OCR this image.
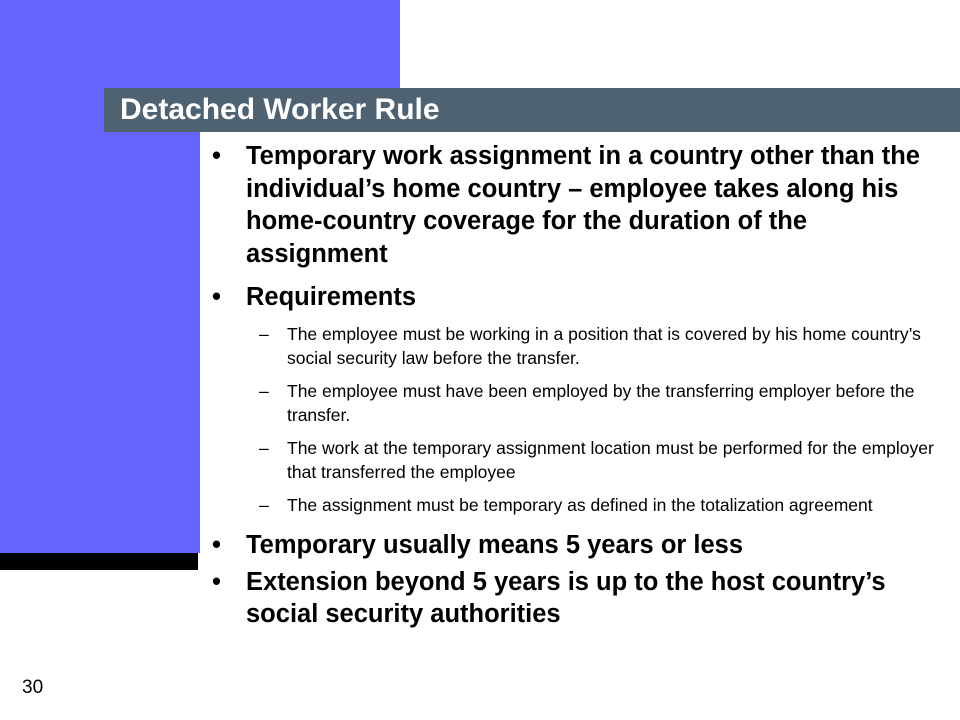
Detached Worker Rule
• Temporary work assignment in a country other than the individual’s home country – employee takes along his home-country coverage for the duration of the assignment
• Requirements
– The employee must be working in a position that is covered by his home country’s social security law before the transfer.
– The employee must have been employed by the transferring employer before the transfer.
– The work at the temporary assignment location must be performed for the employer that transferred the employee
– The assignment must be temporary as defined in the totalization agreement
• Temporary usually means 5 years or less
• Extension beyond 5 years is up to the host country’s social security authorities
30
